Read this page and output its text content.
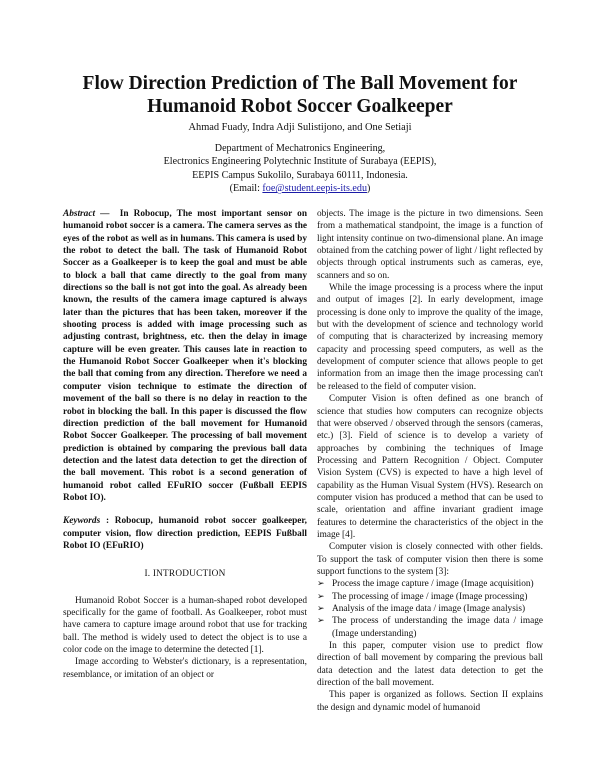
Flow Direction Prediction of The Ball Movement for
Humanoid Robot Soccer Goalkeeper
Ahmad Fuady, Indra Adji Sulistijono, and One Setiaji
Department of Mechatronics Engineering,
Electronics Engineering Polytechnic Institute of Surabaya (EEPIS),
EEPIS Campus Sukolilo, Surabaya 60111, Indonesia.
(Email: foe@student.eepis-its.edu)

Abstract — In Robocup, The most important sensor on humanoid robot soccer is a camera. The camera serves as the eyes of the robot as well as in humans. This camera is used by the robot to detect the ball. The task of Humanoid Robot Soccer as a Goalkeeper is to keep the goal and must be able to block a ball that came directly to the goal from many directions so the ball is not got into the goal. As already been known, the results of the camera image captured is always later than the pictures that has been taken, moreover if the shooting process is added with image processing such as adjusting contrast, brightness, etc. then the delay in image capture will be even greater. This causes late in reaction to the Humanoid Robot Soccer Goalkeeper when it's blocking the ball that coming from any direction. Therefore we need a computer vision technique to estimate the direction of movement of the ball so there is no delay in reaction to the robot in blocking the ball. In this paper is discussed the flow direction prediction of the ball movement for Humanoid Robot Soccer Goalkeeper. The processing of ball movement prediction is obtained by comparing the previous ball data detection and the latest data detection to get the direction of the ball movement. This robot is a second generation of humanoid robot called EFuRIO soccer (Fußball EEPIS Robot IO).

Keywords : Robocup, humanoid robot soccer goalkeeper, computer vision, flow direction prediction, EEPIS Fußball Robot IO (EFuRIO)

I. INTRODUCTION

Humanoid Robot Soccer is a human-shaped robot developed specifically for the game of football. As Goalkeeper, robot must have camera to capture image around robot that use for tracking ball. The method is widely used to detect the object is to use a color code on the image to determine the detected [1].

Image according to Webster's dictionary, is a representation, resemblance, or imitation of an object or

objects. The image is the picture in two dimensions. Seen from a mathematical standpoint, the image is a function of light intensity continue on two-dimensional plane. An image obtained from the catching power of light / light reflected by objects through optical instruments such as cameras, eye, scanners and so on.

While the image processing is a process where the input and output of images [2]. In early development, image processing is done only to improve the quality of the image, but with the development of science and technology world of computing that is characterized by increasing memory capacity and processing speed computers, as well as the development of computer science that allows people to get information from an image then the image processing can't be released to the field of computer vision.

Computer Vision is often defined as one branch of science that studies how computers can recognize objects that were observed / observed through the sensors (cameras, etc.) [3]. Field of science is to develop a variety of approaches by combining the techniques of Image Processing and Pattern Recognition / Object. Computer Vision System (CVS) is expected to have a high level of capability as the Human Visual System (HVS). Research on computer vision has produced a method that can be used to scale, orientation and affine invariant gradient image features to determine the characteristics of the object in the image [4].

Computer vision is closely connected with other fields. To support the task of computer vision then there is some support functions to the system [3]:

➢ Process the image capture / image (Image acquisition)
➢ The processing of image / image (Image processing)
➢ Analysis of the image data / image (Image analysis)
➢ The process of understanding the image data / image (Image understanding)

In this paper, computer vision use to predict flow direction of ball movement by comparing the previous ball data detection and the latest data detection to get the direction of the ball movement.

This paper is organized as follows. Section II explains the design and dynamic model of humanoid
